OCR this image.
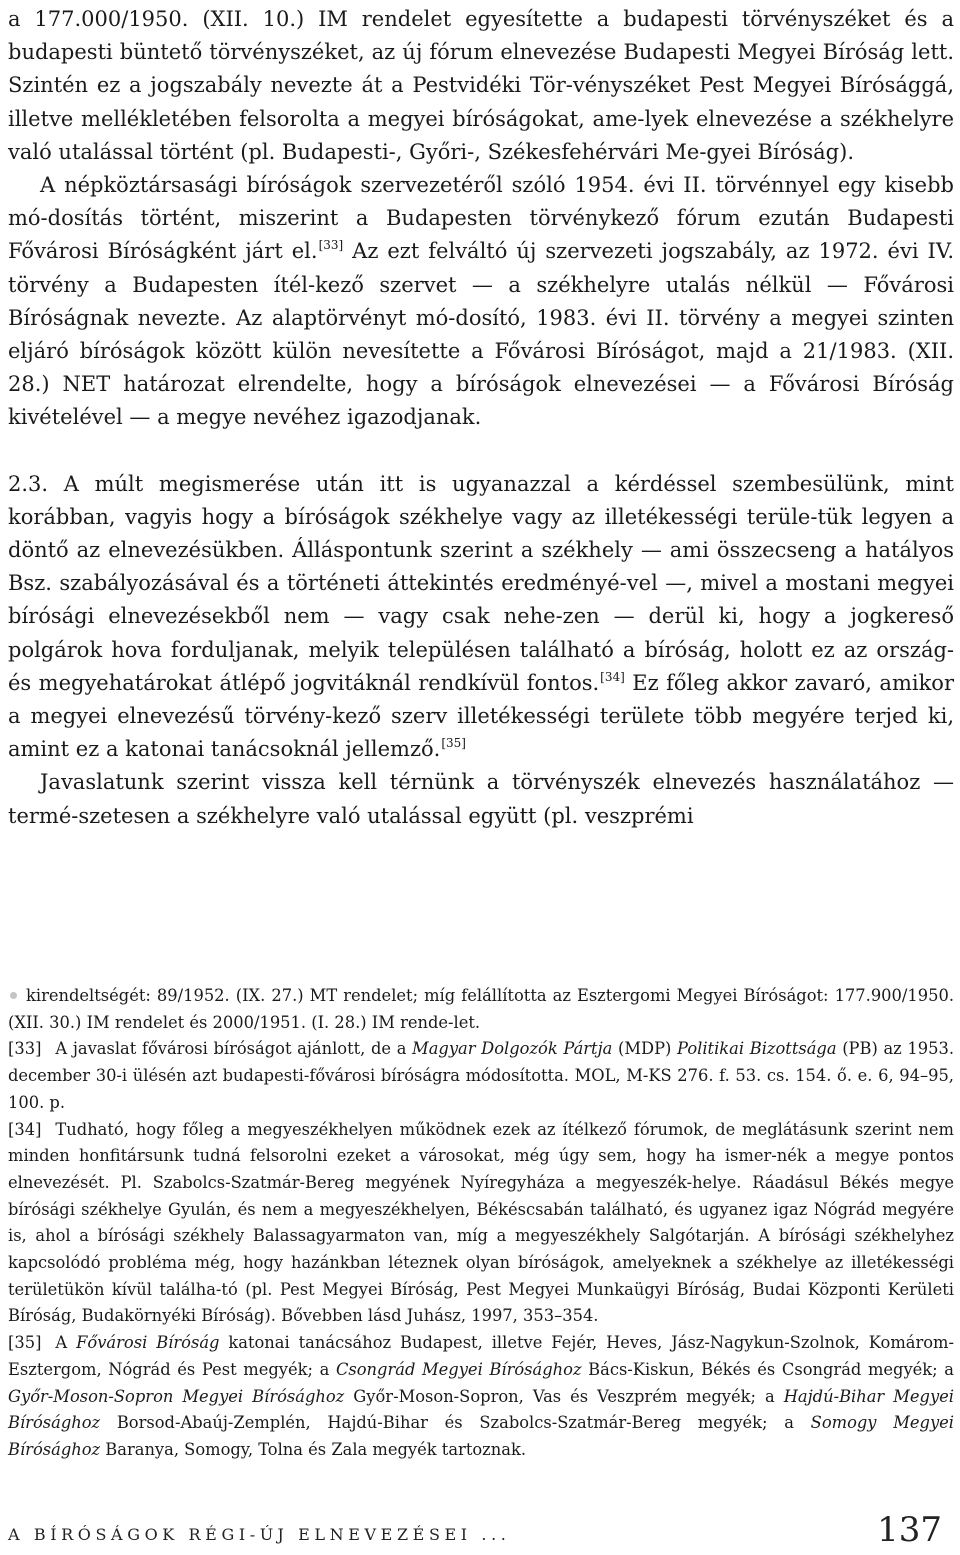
a 177.000/1950. (XII. 10.) IM rendelet egyesítette a budapesti törvényszéket és a budapesti büntető törvényszéket, az új fórum elnevezése Budapesti Megyei Bíróság lett. Szintén ez a jogszabály nevezte át a Pestvidéki Tör-vényszéket Pest Megyei Bírósággá, illetve mellékletében felsorolta a megyei bíróságokat, ame-lyek elnevezése a székhelyre való utalással történt (pl. Budapesti-, Győri-, Székesfehérvári Me-gyei Bíróság).
A népköztársasági bíróságok szervezetéről szóló 1954. évi II. törvénnyel egy kisebb mó-dosítás történt, miszerint a Budapesten törvénykező fórum ezután Budapesti Fővárosi Bíróságként járt el.[33] Az ezt felváltó új szervezeti jogszabály, az 1972. évi IV. törvény a Budapesten ítél-kező szervet — a székhelyre utalás nélkül — Fővárosi Bíróságnak nevezte. Az alaptörvényt mó-dosító, 1983. évi II. törvény a megyei szinten eljáró bíróságok között külön nevesítette a Fővárosi Bíróságot, majd a 21/1983. (XII. 28.) NET határozat elrendelte, hogy a bíróságok elnevezései — a Fővárosi Bíróság kivételével — a megye nevéhez igazodjanak.

2.3. A múlt megismerése után itt is ugyanazzal a kérdéssel szembesülünk, mint korábban, vagyis hogy a bíróságok székhelye vagy az illetékességi terüle-tük legyen a döntő az elnevezésükben. Álláspontunk szerint a székhely — ami összecseng a hatályos Bsz. szabályozásával és a történeti áttekintés eredményé-vel —, mivel a mostani megyei bírósági elnevezésekből nem — vagy csak nehe-zen — derül ki, hogy a jogkereső polgárok hova forduljanak, melyik településen található a bíróság, holott ez az ország- és megyehatárokat átlépő jogvitáknál rendkívül fontos.[34] Ez főleg akkor zavaró, amikor a megyei elnevezésű törvény-kező szerv illetékességi területe több megyére terjed ki, amint ez a katonai tanácsoknál jellemző.[35]

Javaslatunk szerint vissza kell térnünk a törvényszék elnevezés használatához — termé-szetesen a székhelyre való utalással együtt (pl. veszprémi

kirendeltségét: 89/1952. (IX. 27.) MT rendelet; míg felállította az Esztergomi Megyei Bíróságot: 177.900/1950. (XII. 30.) IM rendelet és 2000/1951. (I. 28.) IM rende-let.

[33] A javaslat fővárosi bíróságot ajánlott, de a Magyar Dolgozók Pártja (MDP) Politikai Bizottsága (PB) az 1953. december 30-i ülésén azt budapesti-fővárosi bíróságra módosította. MOL, M-KS 276. f. 53. cs. 154. ő. e. 6, 94–95, 100. p.

[34] Tudható, hogy főleg a megyeszékhelyen működnek ezek az ítélkező fórumok, de meglátásunk szerint nem minden honfitársunk tudná felsorolni ezeket a városokat, még úgy sem, hogy ha ismer-nék a megye pontos elnevezését. Pl. Szabolcs-Szatmár-Bereg megyének Nyíregyháza a megyeszék-helye. Ráadásul Békés megye bírósági székhelye Gyulán, és nem a megyeszékhelyen, Békéscsabán található, és ugyanez igaz Nógrád megyére is, ahol a bírósági székhely Balassagyarmaton van, míg a megyeszékhely Salgótarján. A bírósági székhelyhez kapcsolódó probléma még, hogy hazánkban léteznek olyan bíróságok, amelyeknek a székhelye az illetékességi területükön kívül találha-tó (pl. Pest Megyei Bíróság, Pest Megyei Munkaügyi Bíróság, Budai Központi Kerületi Bíróság, Budakörnyéki Bíróság). Bővebben lásd Juhász, 1997, 353–354.

[35] A Fővárosi Bíróság katonai tanácsához Budapest, illetve Fejér, Heves, Jász-Nagykun-Szolnok, Komárom-Esztergom, Nógrád és Pest megyék; a Csongrád Megyei Bírósághoz Bács-Kiskun, Békés és Csongrád megyék; a Győr-Moson-Sopron Megyei Bírósághoz Győr-Moson-Sopron, Vas és Veszprém megyék; a Hajdú-Bihar Megyei Bírósághoz Borsod-Abaúj-Zemplén, Hajdú-Bihar és Szabolcs-Szatmár-Bereg megyék; a Somogy Megyei Bírósághoz Baranya, Somogy, Tolna és Zala megyék tartoznak.

A BÍRÓSÁGOK RÉGI-ÚJ ELNEVEZÉSEI ...	137
